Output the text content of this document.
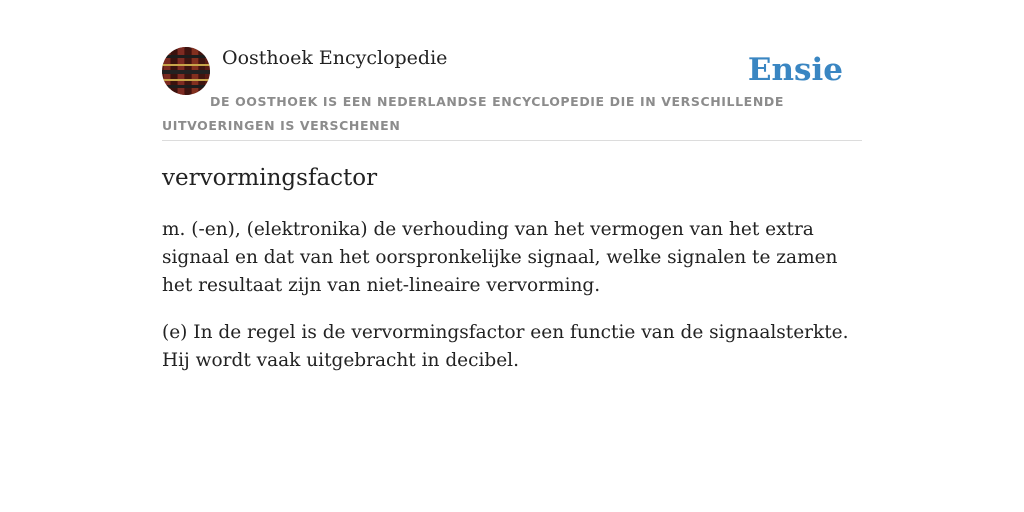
Oosthoek Encyclopedie	Ensie
DE OOSTHOEK IS EEN NEDERLANDSE ENCYCLOPEDIE DIE IN VERSCHILLENDE UITVOERINGEN IS VERSCHENEN
vervormingsfactor

m. (-en), (elektronika) de verhouding van het vermogen van het extra signaal en dat van het oorspronkelijke signaal, welke signalen te zamen het resultaat zijn van niet-lineaire vervorming.

(e) In de regel is de vervormingsfactor een functie van de signaalsterkte. Hij wordt vaak uitgebracht in decibel.
